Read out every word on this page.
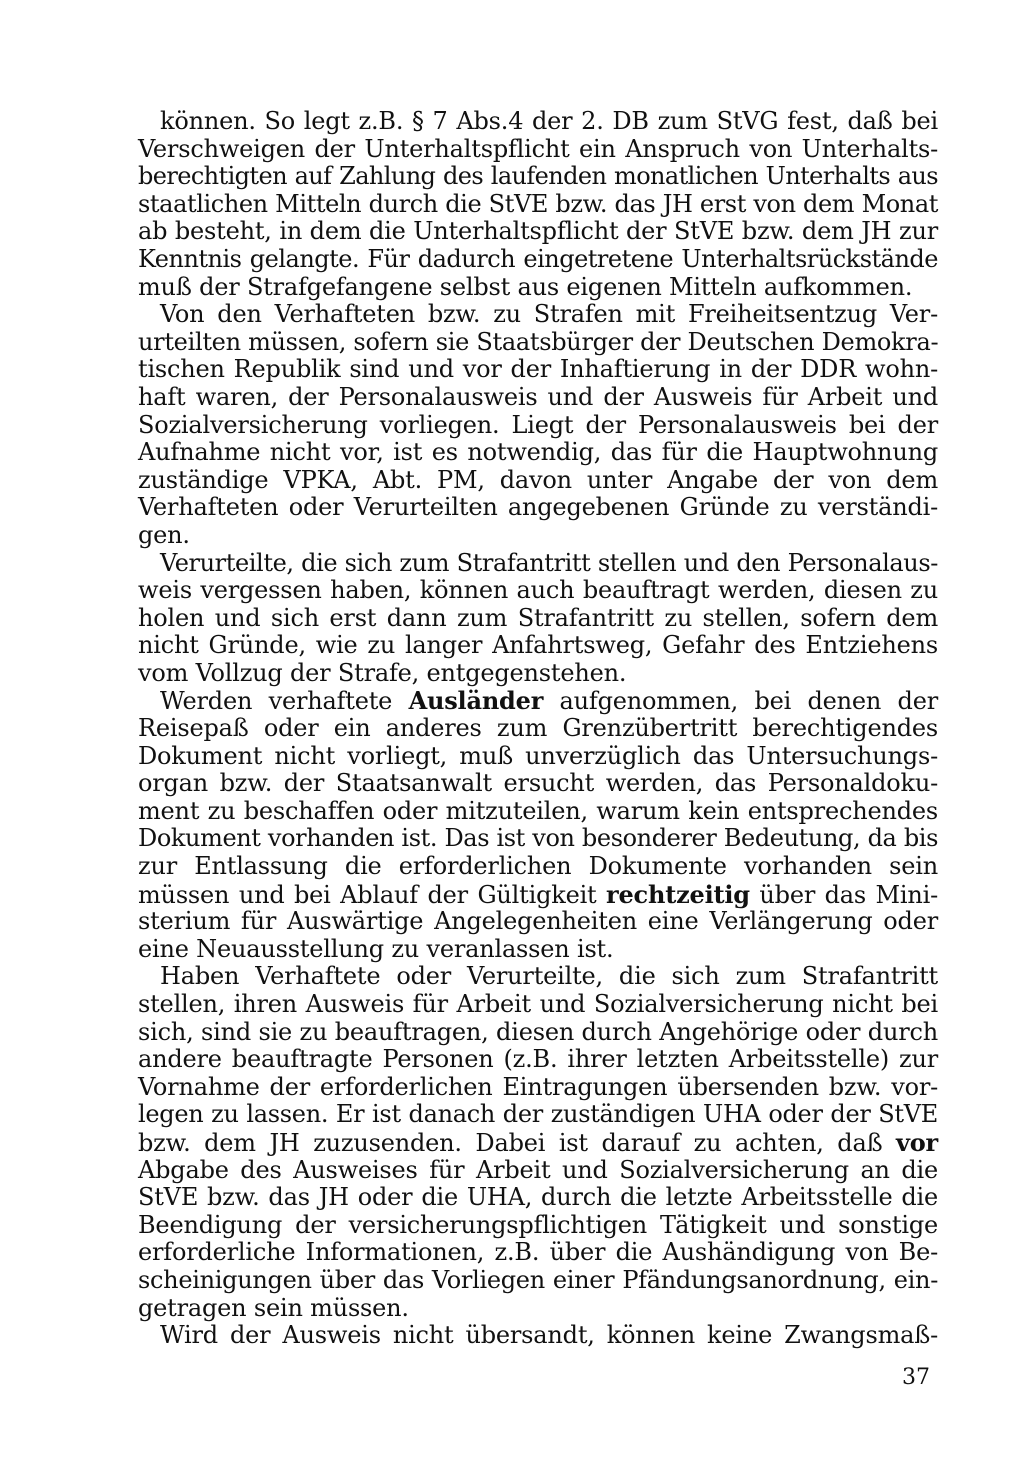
können. So legt z.B. § 7 Abs.4 der 2. DB zum StVG fest, daß bei
Verschweigen der Unterhaltspflicht ein Anspruch von Unterhalts-
berechtigten auf Zahlung des laufenden monatlichen Unterhalts aus
staatlichen Mitteln durch die StVE bzw. das JH erst von dem Monat
ab besteht, in dem die Unterhaltspflicht der StVE bzw. dem JH zur
Kenntnis gelangte. Für dadurch eingetretene Unterhaltsrückstände
muß der Strafgefangene selbst aus eigenen Mitteln aufkommen.
Von den Verhafteten bzw. zu Strafen mit Freiheitsentzug Ver-
urteilten müssen, sofern sie Staatsbürger der Deutschen Demokra-
tischen Republik sind und vor der Inhaftierung in der DDR wohn-
haft waren, der Personalausweis und der Ausweis für Arbeit und
Sozialversicherung vorliegen. Liegt der Personalausweis bei der
Aufnahme nicht vor, ist es notwendig, das für die Hauptwohnung
zuständige VPKA, Abt. PM, davon unter Angabe der von dem
Verhafteten oder Verurteilten angegebenen Gründe zu verständi-
gen.
Verurteilte, die sich zum Strafantritt stellen und den Personalaus-
weis vergessen haben, können auch beauftragt werden, diesen zu
holen und sich erst dann zum Strafantritt zu stellen, sofern dem
nicht Gründe, wie zu langer Anfahrtsweg, Gefahr des Entziehens
vom Vollzug der Strafe, entgegenstehen.
Werden verhaftete Ausländer aufgenommen, bei denen der
Reisepaß oder ein anderes zum Grenzübertritt berechtigendes
Dokument nicht vorliegt, muß unverzüglich das Untersuchungs-
organ bzw. der Staatsanwalt ersucht werden, das Personaldoku-
ment zu beschaffen oder mitzuteilen, warum kein entsprechendes
Dokument vorhanden ist. Das ist von besonderer Bedeutung, da bis
zur Entlassung die erforderlichen Dokumente vorhanden sein
müssen und bei Ablauf der Gültigkeit rechtzeitig über das Mini-
sterium für Auswärtige Angelegenheiten eine Verlängerung oder
eine Neuausstellung zu veranlassen ist.
Haben Verhaftete oder Verurteilte, die sich zum Strafantritt
stellen, ihren Ausweis für Arbeit und Sozialversicherung nicht bei
sich, sind sie zu beauftragen, diesen durch Angehörige oder durch
andere beauftragte Personen (z.B. ihrer letzten Arbeitsstelle) zur
Vornahme der erforderlichen Eintragungen übersenden bzw. vor-
legen zu lassen. Er ist danach der zuständigen UHA oder der StVE
bzw. dem JH zuzusenden. Dabei ist darauf zu achten, daß vor
Abgabe des Ausweises für Arbeit und Sozialversicherung an die
StVE bzw. das JH oder die UHA, durch die letzte Arbeitsstelle die
Beendigung der versicherungspflichtigen Tätigkeit und sonstige
erforderliche Informationen, z.B. über die Aushändigung von Be-
scheinigungen über das Vorliegen einer Pfändungsanordnung, ein-
getragen sein müssen.
Wird der Ausweis nicht übersandt, können keine Zwangsmaß-
37
